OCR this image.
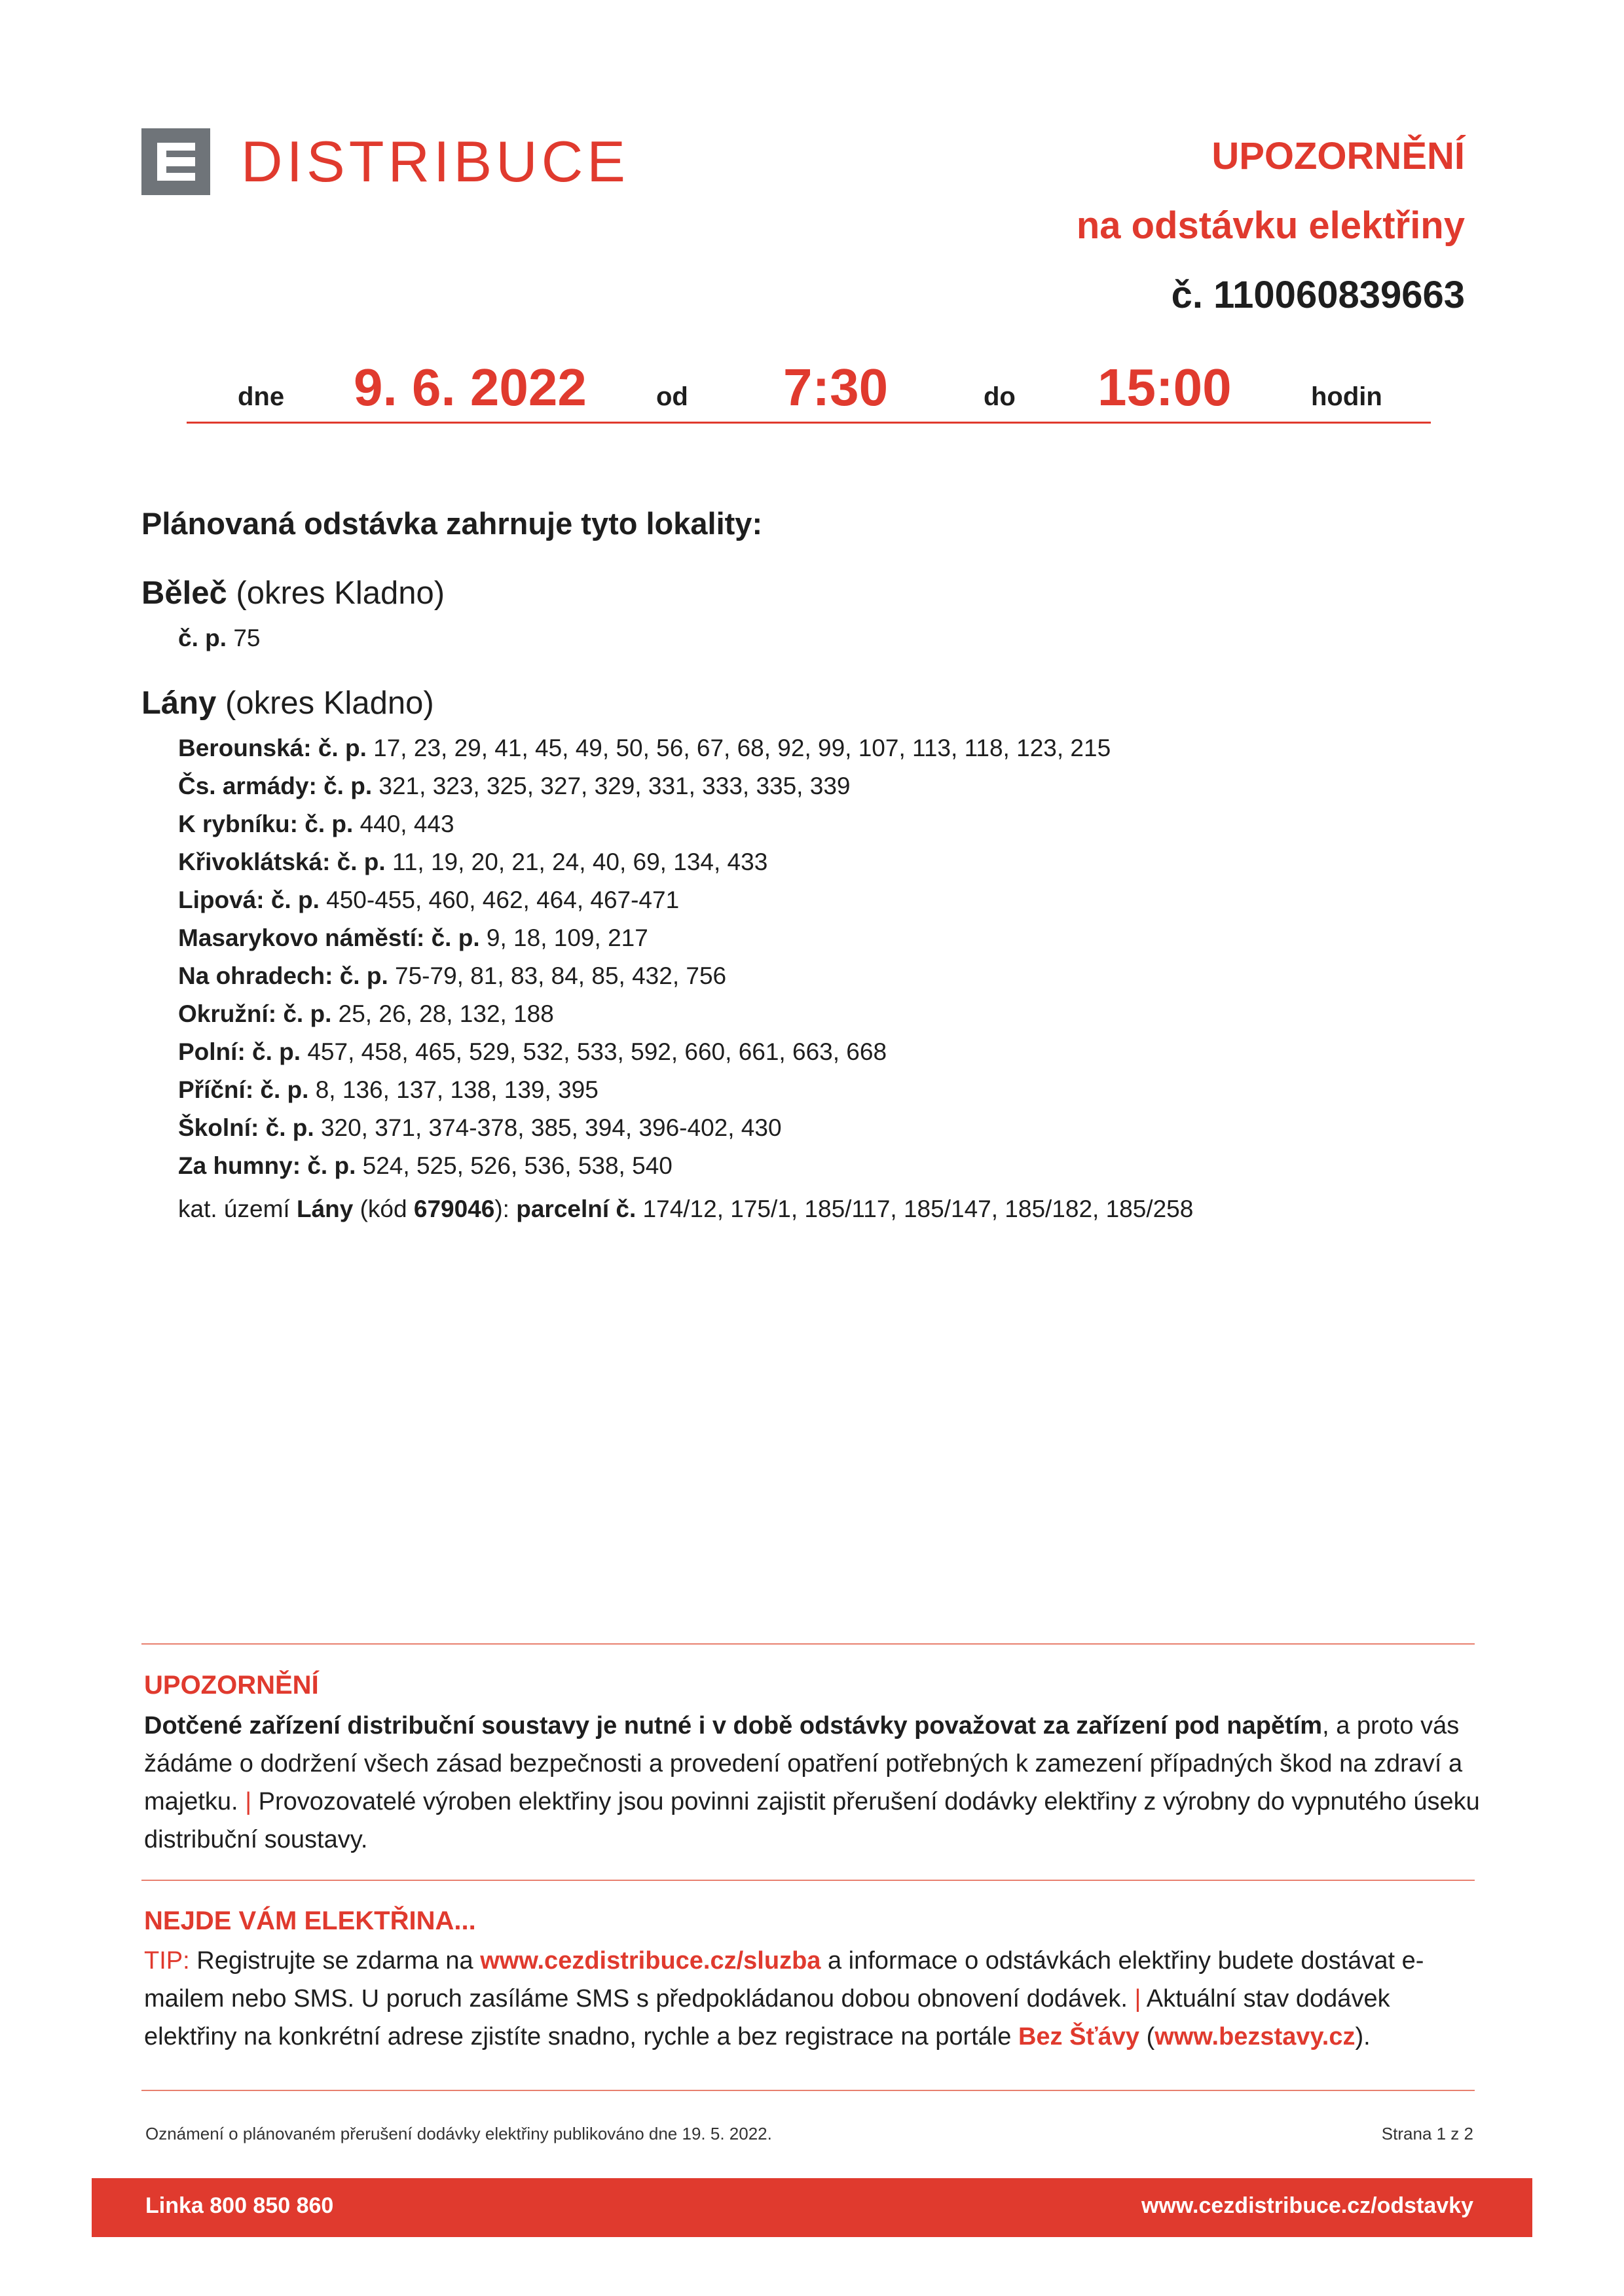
DISTRIBUCE	UPOZORNĚNÍ
na odstávku elektřiny
č. 110060839663
dne 9. 6. 2022	od 7:30	do 15:00	hodin
Plánovaná odstávka zahrnuje tyto lokality:
Běleč (okres Kladno)
č. p. 75
Lány (okres Kladno)
Berounská: č. p. 17, 23, 29, 41, 45, 49, 50, 56, 67, 68, 92, 99, 107, 113, 118, 123, 215
Čs. armády: č. p. 321, 323, 325, 327, 329, 331, 333, 335, 339
K rybníku: č. p. 440, 443
Křivoklátská: č. p. 11, 19, 20, 21, 24, 40, 69, 134, 433
Lipová: č. p. 450-455, 460, 462, 464, 467-471
Masarykovo náměstí: č. p. 9, 18, 109, 217
Na ohradech: č. p. 75-79, 81, 83, 84, 85, 432, 756
Okružní: č. p. 25, 26, 28, 132, 188
Polní: č. p. 457, 458, 465, 529, 532, 533, 592, 660, 661, 663, 668
Příční: č. p. 8, 136, 137, 138, 139, 395
Školní: č. p. 320, 371, 374-378, 385, 394, 396-402, 430
Za humny: č. p. 524, 525, 526, 536, 538, 540
kat. území Lány (kód 679046): parcelní č. 174/12, 175/1, 185/117, 185/147, 185/182, 185/258
UPOZORNĚNÍ
Dotčené zařízení distribuční soustavy je nutné i v době odstávky považovat za zařízení pod napětím, a proto vás žádáme o dodržení všech zásad bezpečnosti a provedení opatření potřebných k zamezení případných škod na zdraví a majetku. | Provozovatelé výroben elektřiny jsou povinni zajistit přerušení dodávky elektřiny z výrobny do vypnutého úseku distribuční soustavy.
NEJDE VÁM ELEKTŘINA...
TIP: Registrujte se zdarma na www.cezdistribuce.cz/sluzba a informace o odstávkách elektřiny budete dostávat e-mailem nebo SMS. U poruch zasíláme SMS s předpokládanou dobou obnovení dodávek. | Aktuální stav dodávek elektřiny na konkrétní adrese zjistíte snadno, rychle a bez registrace na portále Bez Šťávy (www.bezstavy.cz).
Oznámení o plánovaném přerušení dodávky elektřiny publikováno dne 19. 5. 2022.	Strana 1 z 2
Linka 800 850 860	www.cezdistribuce.cz/odstavky
